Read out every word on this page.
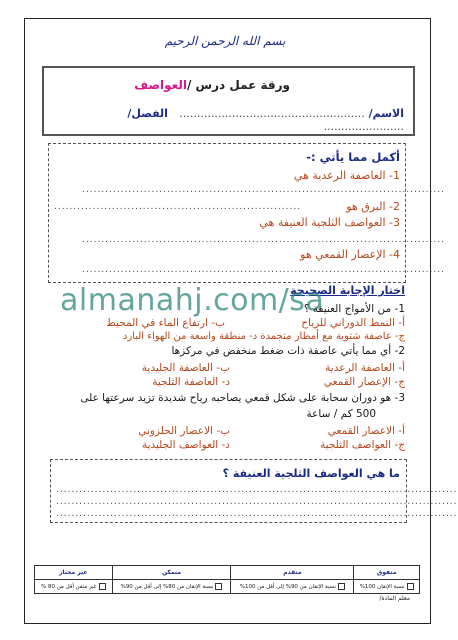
بسم الله الرحمن الرحيم
ورقة عمل درس /العواصف
الاسم/ .....................................................   الفصل/ .......................
أكمل مما يأتي :-
1- العاصفة الرعدية هي
..............................................................................................
2- البرق هو
................................................................
3- العواصف الثلجية العنيفة هي
..............................................................................................
4- الإعصار القمعي هو
..............................................................................................
اختار الإجابة الصحيحة
almanahj.com/sa
1- من الأمواج العنيفة ؟
أ- النمط الدوراني للرياح
ب- ارتفاع الماء في المحيط
ج- عاصفة شتوية مع أمطار متجمدة د- منطقة واسعة من الهواء البارد
2- أي مما يأتي عاصفة ذات ضغط منخفض في مركزها
أ- العاصفة الرعدية
ب- العاصفة الجليدية
ج- الإعصار القمعي
د- العاصفة الثلجية
3- هو دوران سحابة على شكل قمعي يصاحبه رياح شديدة تزيد سرعتها على
500 كم / ساعة
أ- الاعصار القمعي
ب- الاعصار الحلزوني
ج- العواصف الثلجية
د- العواصف الجليدية
ما هي العواصف الثلجية العنيفة ؟
........................................................................................................
........................................................................................................
........................................................................................................
متفوق	متقدم	متمكن	غير مجتاز
نسبة الإتقان 100%	نسبة الإتقان من 90% إلى أقل من 100%	نسبة الإتقان من 80% إلى أقل من 90%	غير متقن أقل من 80 %
معلم المادة/
